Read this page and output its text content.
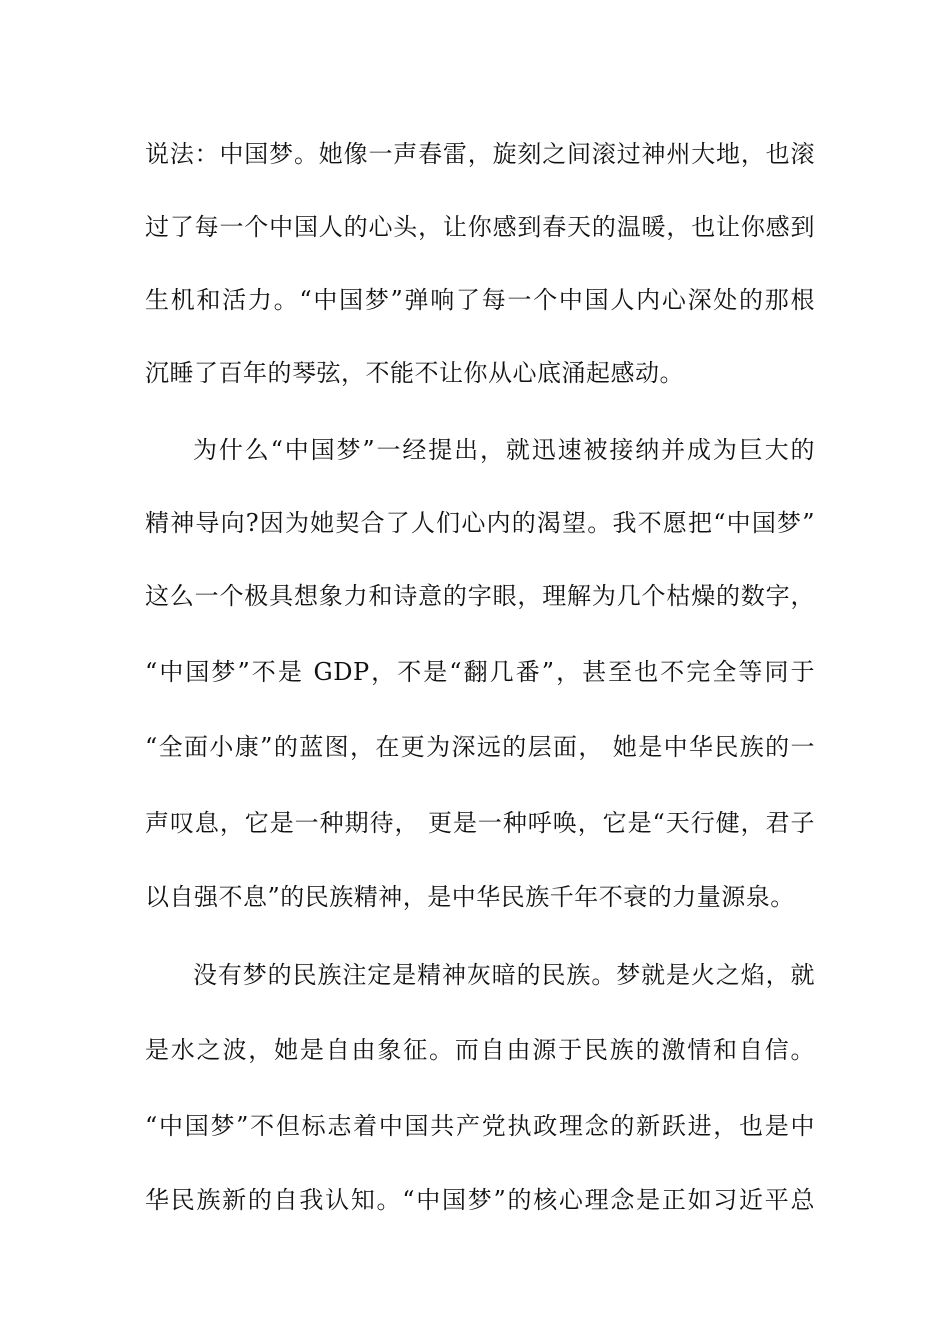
说法：中国梦。她像一声春雷，旋刻之间滚过神州大地，也滚
过了每一个中国人的心头，让你感到春天的温暖，也让你感到
生机和活力。“中国梦”弹响了每一个中国人内心深处的那根
沉睡了百年的琴弦，不能不让你从心底涌起感动。
为什么“中国梦”一经提出，就迅速被接纳并成为巨大的
精神导向?因为她契合了人们心内的渴望。我不愿把“中国梦”
这么一个极具想象力和诗意的字眼，理解为几个枯燥的数字，
“中国梦”不是 GDP，不是“翻几番”，甚至也不完全等同于
“全面小康”的蓝图，在更为深远的层面， 她是中华民族的一
声叹息，它是一种期待， 更是一种呼唤，它是“天行健，君子
以自强不息”的民族精神，是中华民族千年不衰的力量源泉。
没有梦的民族注定是精神灰暗的民族。梦就是火之焰，就
是水之波，她是自由象征。而自由源于民族的激情和自信。
“中国梦”不但标志着中国共产党执政理念的新跃进，也是中
华民族新的自我认知。“中国梦”的核心理念是正如习近平总
